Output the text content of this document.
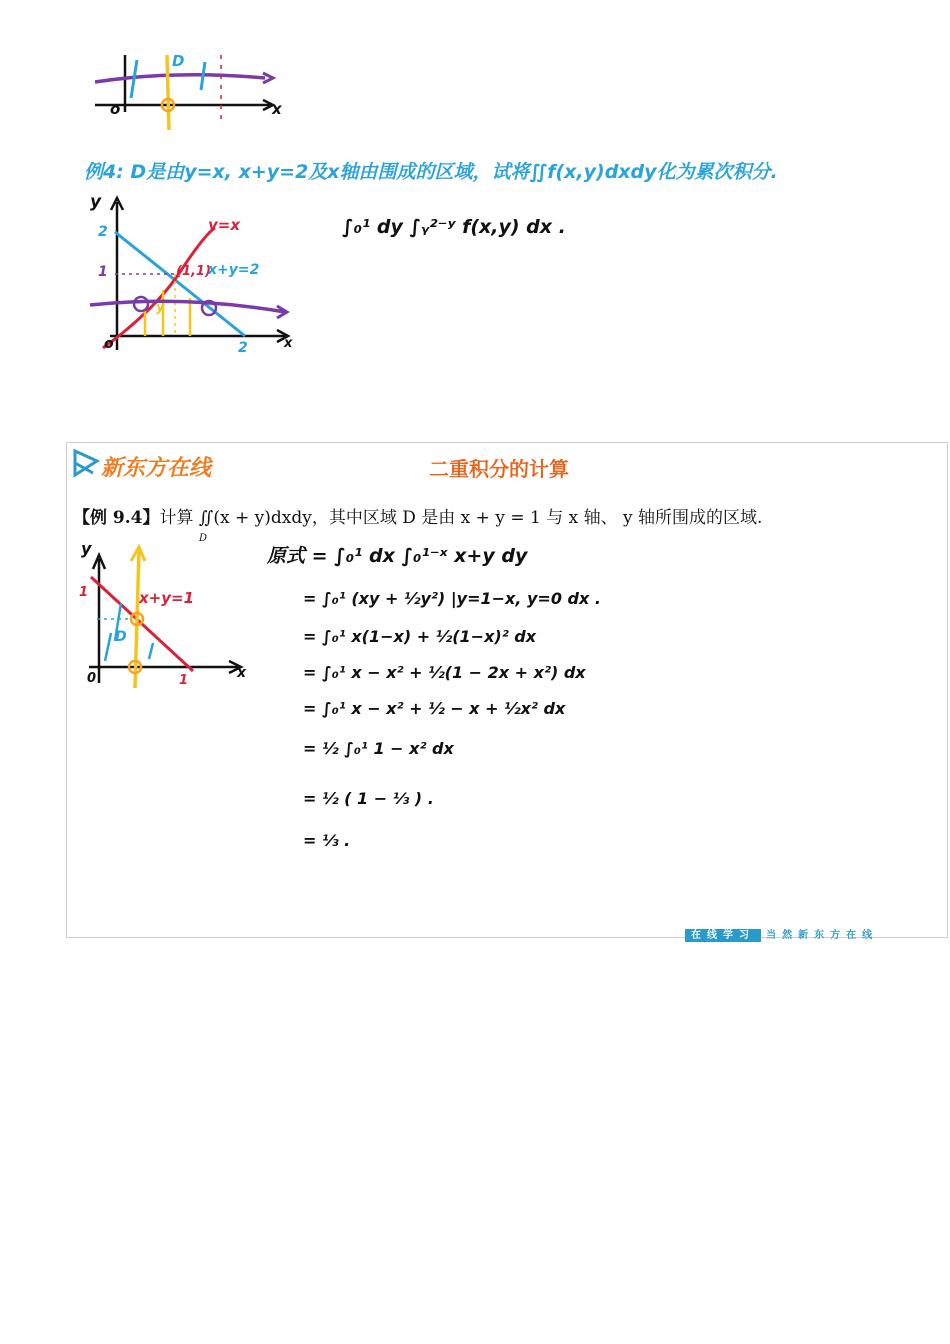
o	x
D
例4: D是由y=x, x+y=2及x轴由围成的区域，试将∬f(x,y)dxdy化为累次积分.
y
x
o
2
1
2
y=x
(1,1)
x+y=2
y
∫₀¹ dy ∫ᵧ²⁻ʸ f(x,y) dx .
新东方在线	二重积分的计算
【例 9.4】计算 ∬(x + y)dxdy，其中区域 D 是由 x + y = 1 与 x 轴、 y 轴所围成的区域.
D
y
x
0
1
1
x+y=1
D
原式 = ∫₀¹ dx ∫₀¹⁻ˣ x+y dy
= ∫₀¹ (xy + ½y²) |y=1−x, y=0 dx .
= ∫₀¹ x(1−x) + ½(1−x)² dx
= ∫₀¹ x − x² + ½(1 − 2x + x²) dx
= ∫₀¹ x − x² + ½ − x + ½x² dx
= ½ ∫₀¹ 1 − x² dx
= ½ ( 1 − ⅓ ) .
= ⅓ .
在线学习 当然新东方在线
